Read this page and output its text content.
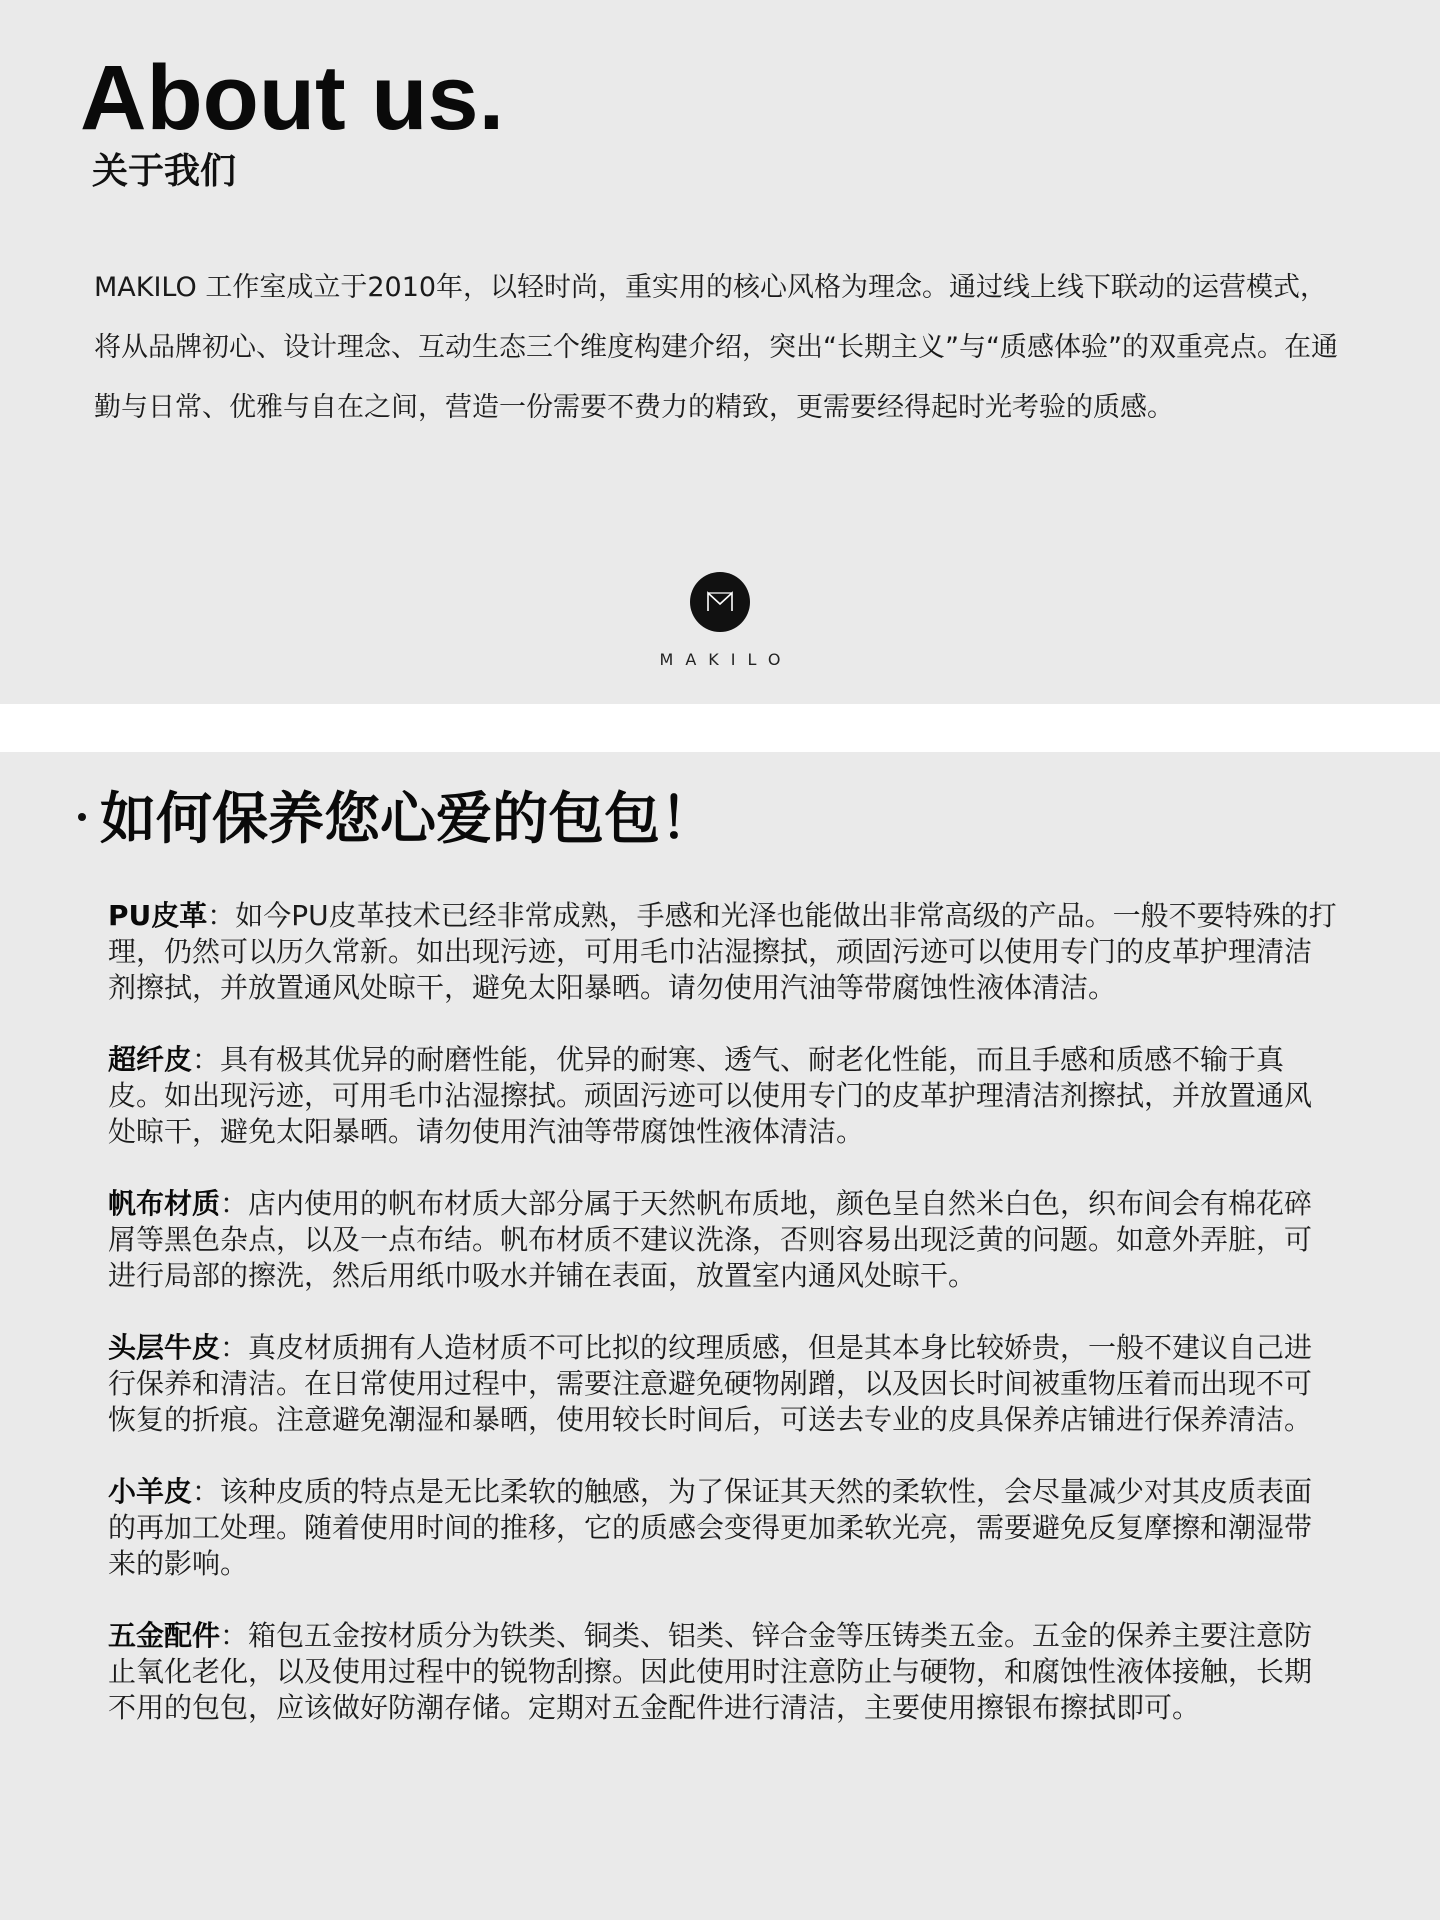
About us.
关于我们

MAKILO 工作室成立于2010年，以轻时尚，重实用的核心风格为理念。通过线上线下联动的运营模式，将从品牌初心、设计理念、互动生态三个维度构建介绍，突出“长期主义”与“质感体验”的双重亮点。在通勤与日常、优雅与自在之间，营造一份需要不费力的精致，更需要经得起时光考验的质感。

MAKILO
如何保养您心爱的包包！

PU皮革：如今PU皮革技术已经非常成熟，手感和光泽也能做出非常高级的产品。一般不要特殊的打理，仍然可以历久常新。如出现污迹，可用毛巾沾湿擦拭，顽固污迹可以使用专门的皮革护理清洁剂擦拭，并放置通风处晾干，避免太阳暴晒。请勿使用汽油等带腐蚀性液体清洁。

超纤皮：具有极其优异的耐磨性能，优异的耐寒、透气、耐老化性能，而且手感和质感不输于真皮。如出现污迹，可用毛巾沾湿擦拭。顽固污迹可以使用专门的皮革护理清洁剂擦拭，并放置通风处晾干，避免太阳暴晒。请勿使用汽油等带腐蚀性液体清洁。

帆布材质：店内使用的帆布材质大部分属于天然帆布质地，颜色呈自然米白色，织布间会有棉花碎屑等黑色杂点，以及一点布结。帆布材质不建议洗涤，否则容易出现泛黄的问题。如意外弄脏，可进行局部的擦洗，然后用纸巾吸水并铺在表面，放置室内通风处晾干。

头层牛皮：真皮材质拥有人造材质不可比拟的纹理质感，但是其本身比较娇贵，一般不建议自己进行保养和清洁。在日常使用过程中，需要注意避免硬物剐蹭，以及因长时间被重物压着而出现不可恢复的折痕。注意避免潮湿和暴晒，使用较长时间后，可送去专业的皮具保养店铺进行保养清洁。

小羊皮：该种皮质的特点是无比柔软的触感，为了保证其天然的柔软性，会尽量减少对其皮质表面的再加工处理。随着使用时间的推移，它的质感会变得更加柔软光亮，需要避免反复摩擦和潮湿带来的影响。

五金配件：箱包五金按材质分为铁类、铜类、铝类、锌合金等压铸类五金。五金的保养主要注意防止氧化老化，以及使用过程中的锐物刮擦。因此使用时注意防止与硬物，和腐蚀性液体接触，长期不用的包包，应该做好防潮存储。定期对五金配件进行清洁，主要使用擦银布擦拭即可。
